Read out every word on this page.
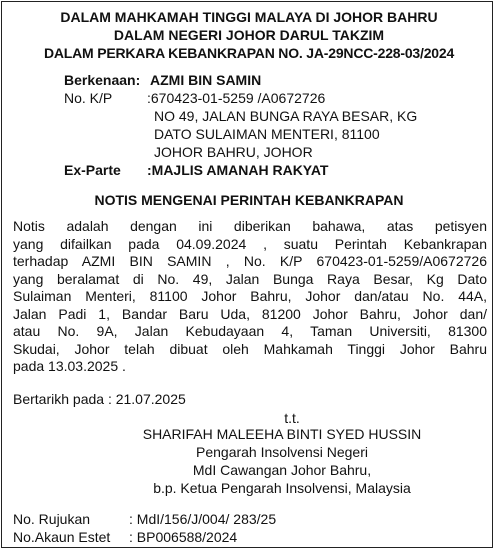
DALAM MAHKAMAH TINGGI MALAYA DI JOHOR BAHRU
DALAM NEGERI JOHOR DARUL TAKZIM
DALAM PERKARA KEBANKRAPAN NO. JA-29NCC-228-03/2024
Berkenaan: AZMI BIN SAMIN
No. K/P :670423-01-5259 /A0672726
NO 49, JALAN BUNGA RAYA BESAR, KG
DATO SULAIMAN MENTERI, 81100
JOHOR BAHRU, JOHOR
Ex-Parte :MAJLIS AMANAH RAKYAT
NOTIS MENGENAI PERINTAH KEBANKRAPAN
Notis adalah dengan ini diberikan bahawa, atas petisyen
yang difailkan pada 04.09.2024 , suatu Perintah Kebankrapan
terhadap AZMI BIN SAMIN , No. K/P 670423-01-5259/A0672726
yang beralamat di No. 49, Jalan Bunga Raya Besar, Kg Dato
Sulaiman Menteri, 81100 Johor Bahru, Johor dan/atau No. 44A,
Jalan Padi 1, Bandar Baru Uda, 81200 Johor Bahru, Johor dan/
atau No. 9A, Jalan Kebudayaan 4, Taman Universiti, 81300
Skudai, Johor telah dibuat oleh Mahkamah Tinggi Johor Bahru
pada 13.03.2025 .
Bertarikh pada : 21.07.2025
t.t.
SHARIFAH MALEEHA BINTI SYED HUSSIN
Pengarah Insolvensi Negeri
MdI Cawangan Johor Bahru,
b.p. Ketua Pengarah Insolvensi, Malaysia
No. Rujukan	: MdI/156/J/004/ 283/25
No.Akaun Estet : BP006588/2024
